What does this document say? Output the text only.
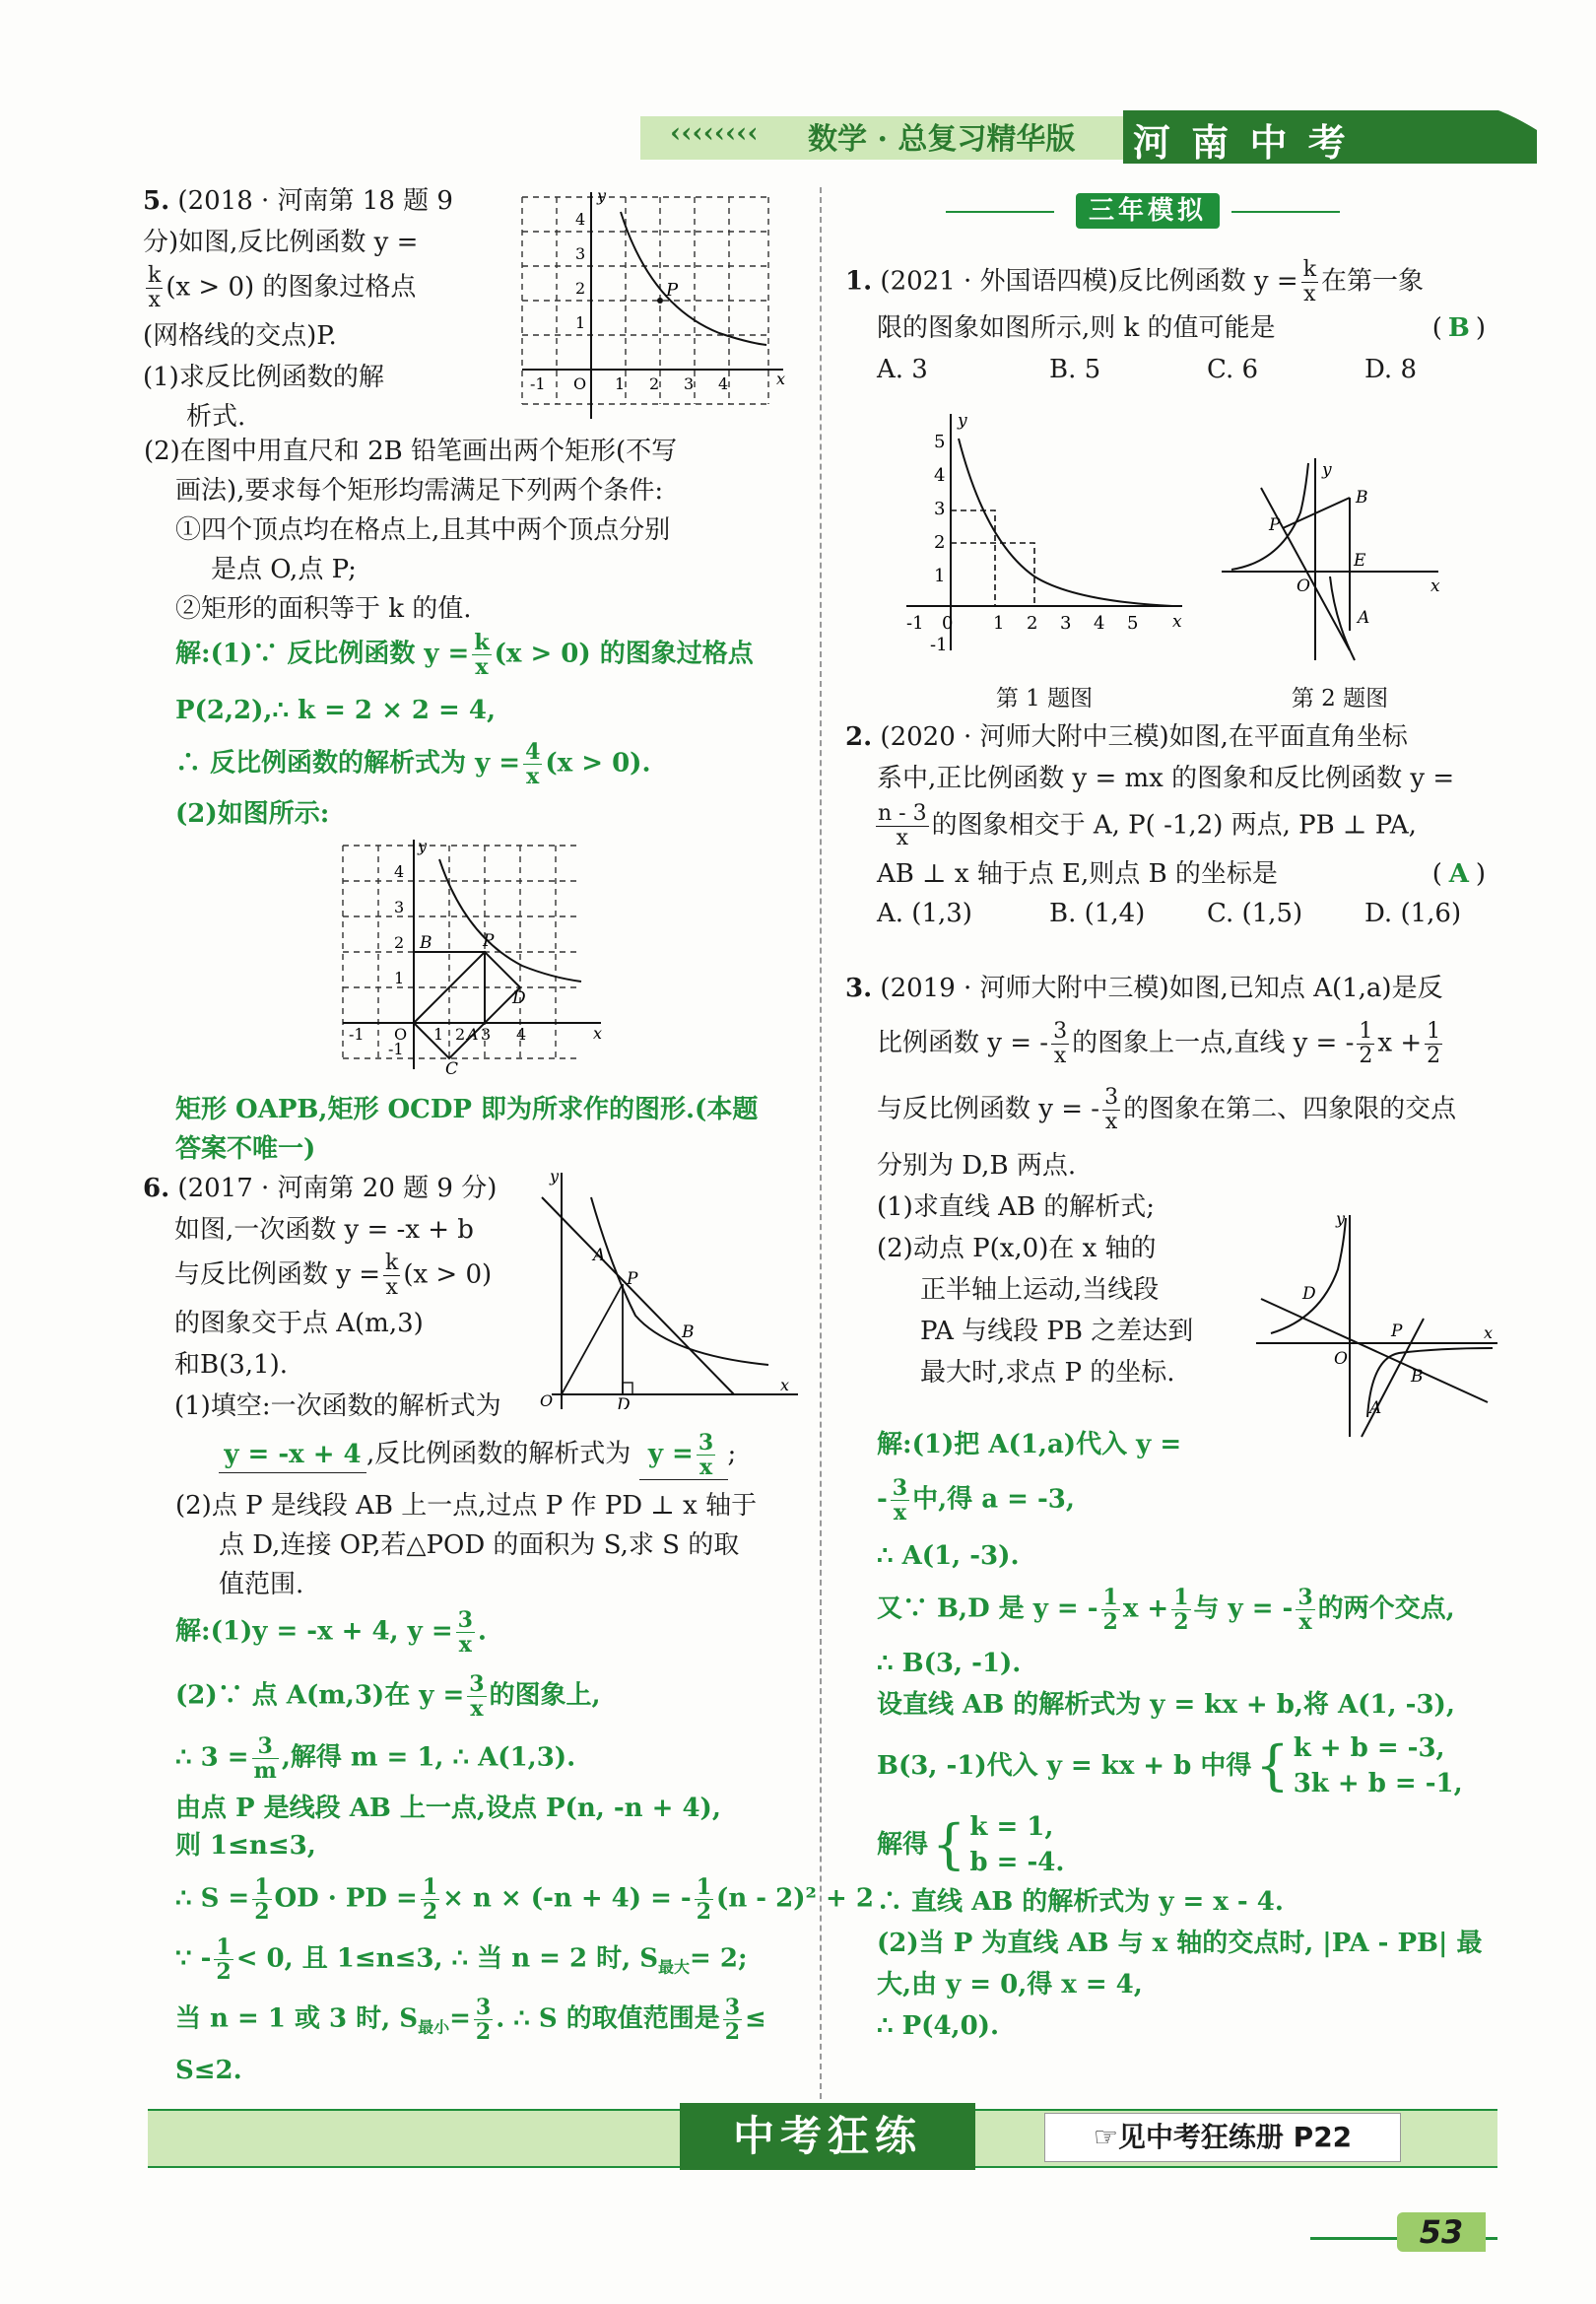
‹‹‹‹‹‹‹‹ 数学 · 总复习精华版 河 南 中 考
5. (2018 · 河南第 18 题 9
分)如图,反比例函数 y =
$\frac{k}{x} (x > 0)$ 的图象过格点
(网格线的交点)P.
(1)求反比例函数的解
析式.
P
y
x
O 1 2 3 4
4
3
2
1
-1
(2)在图中用直尺和 2B 铅笔画出两个矩形(不写
画法),要求每个矩形均需满足下列两个条件:
①四个顶点均在格点上,且其中两个顶点分别
是点 O,点 P;
②矩形的面积等于 k 的值.
解:(1)∵ 反比例函数 $y = \frac{k}{x} (x > 0)$ 的图象过格点
P(2,2),∴ k = 2 × 2 = 4,
∴ 反比例函数的解析式为 $y = \frac{4}{x} (x > 0)$.
(2)如图所示:
y
x
O
B	P
D
C
A 3
1 2	4
4
3
2
1
-1
-1
矩形 OAPB,矩形 OCDP 即为所求作的图形.(本题
答案不唯一)
6. (2017 · 河南第 20 题 9 分)
如图,一次函数 y = -x + b
与反比例函数 $y = \frac{k}{x} (x > 0)$
的图象交于点 A(m,3)
和B(3,1).
(1)填空:一次函数的解析式为
y
x
O
A
P
B
D
y = -x + 4 ,反比例函数的解析式为 $y = \frac{3}{x}$ ;
(2)点 P 是线段 AB 上一点,过点 P 作 PD ⊥ x 轴于
点 D,连接 OP,若△POD 的面积为 S,求 S 的取
值范围.
解:(1)y = -x + 4, $y = \frac{3}{x}$ .
(2)∵ 点 A(m,3)在 $y = \frac{3}{x}$ 的图象上,
∴ $3 = \frac{3}{m}$ ,解得 m = 1, ∴ A(1,3).
由点 P 是线段 AB 上一点,设点 P(n, -n + 4),
则 1≤n≤3,
∴ $S = \frac{1}{2}$ OD · PD = $\frac{1}{2} \times n \times (-n + 4)$ = - $\frac{1}{2} (n - 2)^2 + 2$
∵ - $\frac{1}{2} < 0$, 且 1≤n≤3, ∴ 当 n = 2 时, $S_{最大}= 2$;
当 n = 1 或 3 时, $S_{最小}= \frac{3}{2}$ . ∴ S 的取值范围是 $\frac{3}{2}$ ≤
S≤2.
三年模拟
1. (2021 · 外国语四模)反比例函数 $y = \frac{k}{x}$ 在第一象
限的图象如图所示,则 k 的值可能是	( B )
A. 3	B. 5	C. 6	D. 8
y
x
-1 0 1 2 3 4 5
5
4
3
2
1
-1
y
x
O
P
B
E
A
第 1 题图	第 2 题图
2. (2020 · 河师大附中三模)如图,在平面直角坐标
系中,正比例函数 y = mx 的图象和反比例函数 y =
$\frac{n - 3}{x}$ 的图象相交于 A, P( -1,2) 两点, PB ⊥ PA,
AB ⊥ x 轴于点 E,则点 B 的坐标是	( A )
A. (1,3)	B. (1,4)	C. (1,5)	D. (1,6)
3. (2019 · 河师大附中三模)如图,已知点 A(1,a)是反
比例函数 y = - $\frac{3}{x}$ 的图象上一点,直线 y = - $\frac{1}{2}$ $x + \frac{1}{2}$
与反比例函数 y = - $\frac{3}{x}$ 的图象在第二、四象限的交点
分别为 D,B 两点.
(1)求直线 AB 的解析式;
(2)动点 P(x,0)在 x 轴的
正半轴上运动,当线段
PA 与线段 PB 之差达到
最大时,求点 P 的坐标.
y
x
O
D
P
B
A
解:(1)把 A(1,a)代入 y =
- $\frac{3}{x}$ 中,得 a = -3,
∴ A(1, -3).
又∵ B,D 是 y = - $\frac{1}{2}$ $x + \frac{1}{2}$ 与 y = - $\frac{3}{x}$ 的两个交点,
∴ B(3, -1).
设直线 AB 的解析式为 y = kx + b,将 A(1, -3),
B(3, -1)代入 y = kx + b 中得 { k + b = -3,
3k + b = -1,
解得 { k = 1,
b = -4.
∴ 直线 AB 的解析式为 y = x - 4.
(2)当 P 为直线 AB 与 x 轴的交点时, |PA - PB| 最
大,由 y = 0,得 x = 4,
∴ P(4,0).
中考狂练	☞见中考狂练册 P22
53
